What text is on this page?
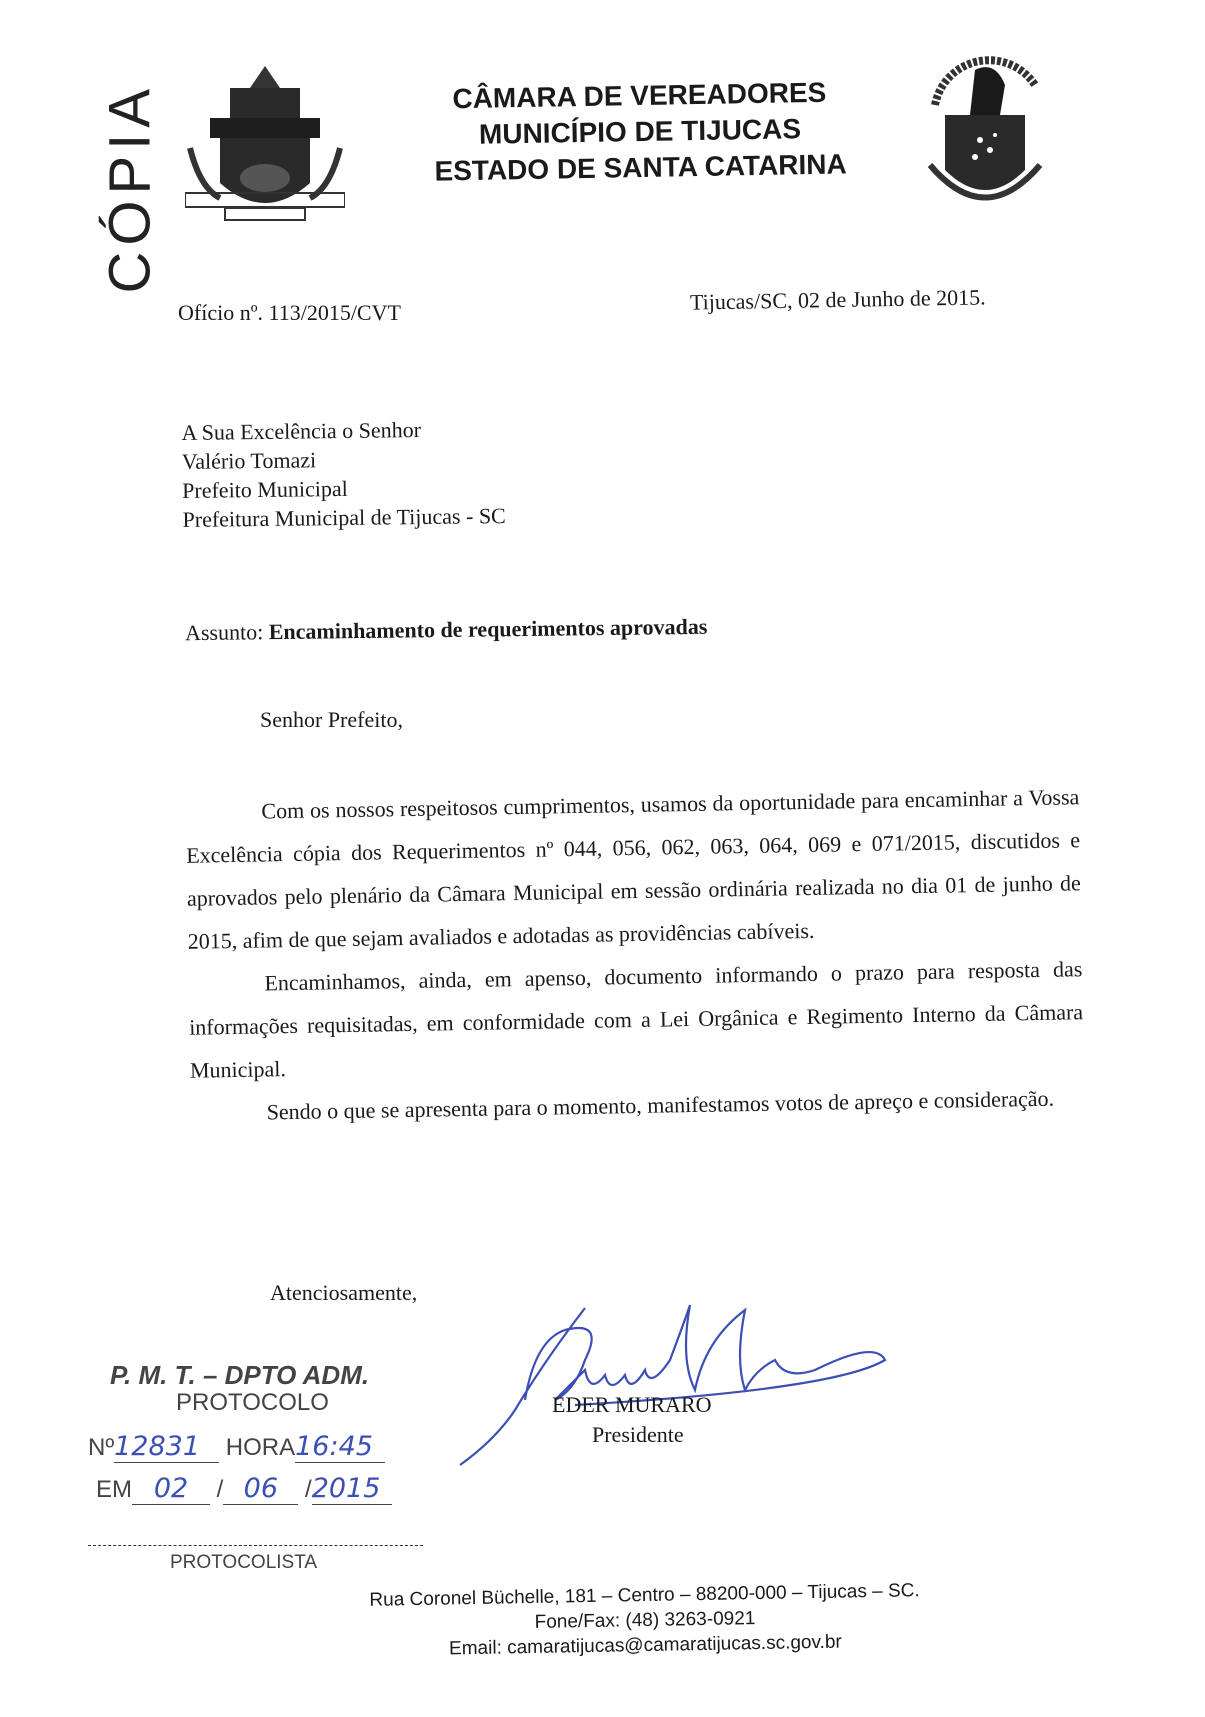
CÓPIA	CÂMARA DE VEREADORES
MUNICÍPIO DE TIJUCAS
ESTADO DE SANTA CATARINA
Ofício nº. 113/2015/CVT	Tijucas/SC, 02 de Junho de 2015.
A Sua Excelência o Senhor
Valério Tomazi
Prefeito Municipal
Prefeitura Municipal de Tijucas - SC
Assunto: Encaminhamento de requerimentos aprovadas
Senhor Prefeito,

Com os nossos respeitosos cumprimentos, usamos da oportunidade para encaminhar a Vossa Excelência cópia dos Requerimentos nº 044, 056, 062, 063, 064, 069 e 071/2015, discutidos e aprovados pelo plenário da Câmara Municipal em sessão ordinária realizada no dia 01 de junho de 2015, afim de que sejam avaliados e adotadas as providências cabíveis.

Encaminhamos, ainda, em apenso, documento informando o prazo para resposta das informações requisitadas, em conformidade com a Lei Orgânica e Regimento Interno da Câmara Municipal.

Sendo o que se apresenta para o momento, manifestamos votos de apreço e consideração.

Atenciosamente,
EDER MURARO
Presidente
P. M. T. – DPTO ADM.
PROTOCOLO
Nº12831 HORA16:45
EM 02 / 06 /2015
PROTOCOLISTA
Rua Coronel Büchelle, 181 – Centro – 88200-000 – Tijucas – SC.
Fone/Fax: (48) 3263-0921
Email: camaratijucas@camaratijucas.sc.gov.br
